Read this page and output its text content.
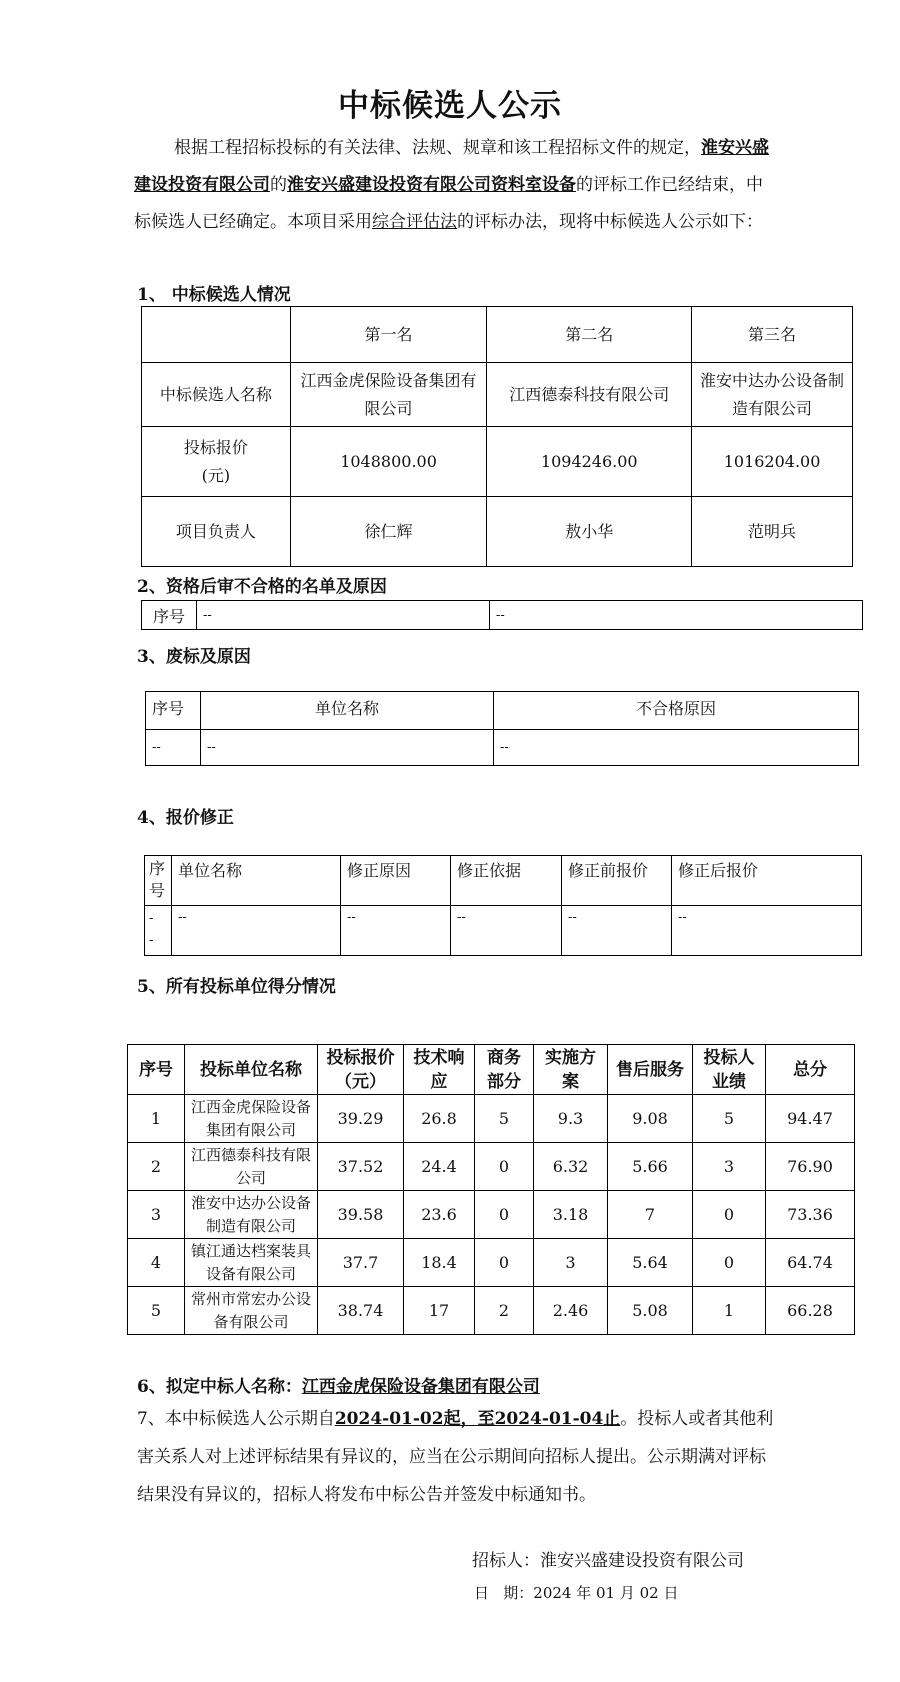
中标候选人公示
根据工程招标投标的有关法律、法规、规章和该工程招标文件的规定，淮安兴盛建设投资有限公司的淮安兴盛建设投资有限公司资料室设备的评标工作已经结束，中标候选人已经确定。本项目采用综合评估法的评标办法，现将中标候选人公示如下：
1、 中标候选人情况
	第一名	第二名	第三名
中标候选人名称	江西金虎保险设备集团有限公司	江西德泰科技有限公司	淮安中达办公设备制造有限公司
投标报价
(元)	1048800.00	1094246.00	1016204.00
项目负责人	徐仁辉	敖小华	范明兵
2、资格后审不合格的名单及原因
序号	--	--
3、废标及原因
序号	单位名称	不合格原因
--	--	--
4、报价修正
序
号	单位名称	修正原因	修正依据	修正前报价	修正后报价
-
-	--	--	--	--	--
5、所有投标单位得分情况
序号	投标单位名称	投标报价（元）	技术响应	商务部分	实施方案	售后服务	投标人业绩	总分
1	江西金虎保险设备集团有限公司	39.29	26.8	5	9.3	9.08	5	94.47
2	江西德泰科技有限公司	37.52	24.4	0	6.32	5.66	3	76.90
3	淮安中达办公设备制造有限公司	39.58	23.6	0	3.18	7	0	73.36
4	镇江通达档案装具设备有限公司	37.7	18.4	0	3	5.64	0	64.74
5	常州市常宏办公设备有限公司	38.74	17	2	2.46	5.08	1	66.28
6、拟定中标人名称：江西金虎保险设备集团有限公司
7、本中标候选人公示期自2024-01-02起，至2024-01-04止。投标人或者其他利害关系人对上述评标结果有异议的，应当在公示期间向招标人提出。公示期满对评标结果没有异议的，招标人将发布中标公告并签发中标通知书。
招标人：淮安兴盛建设投资有限公司
日   期：2024 年 01 月 02 日
